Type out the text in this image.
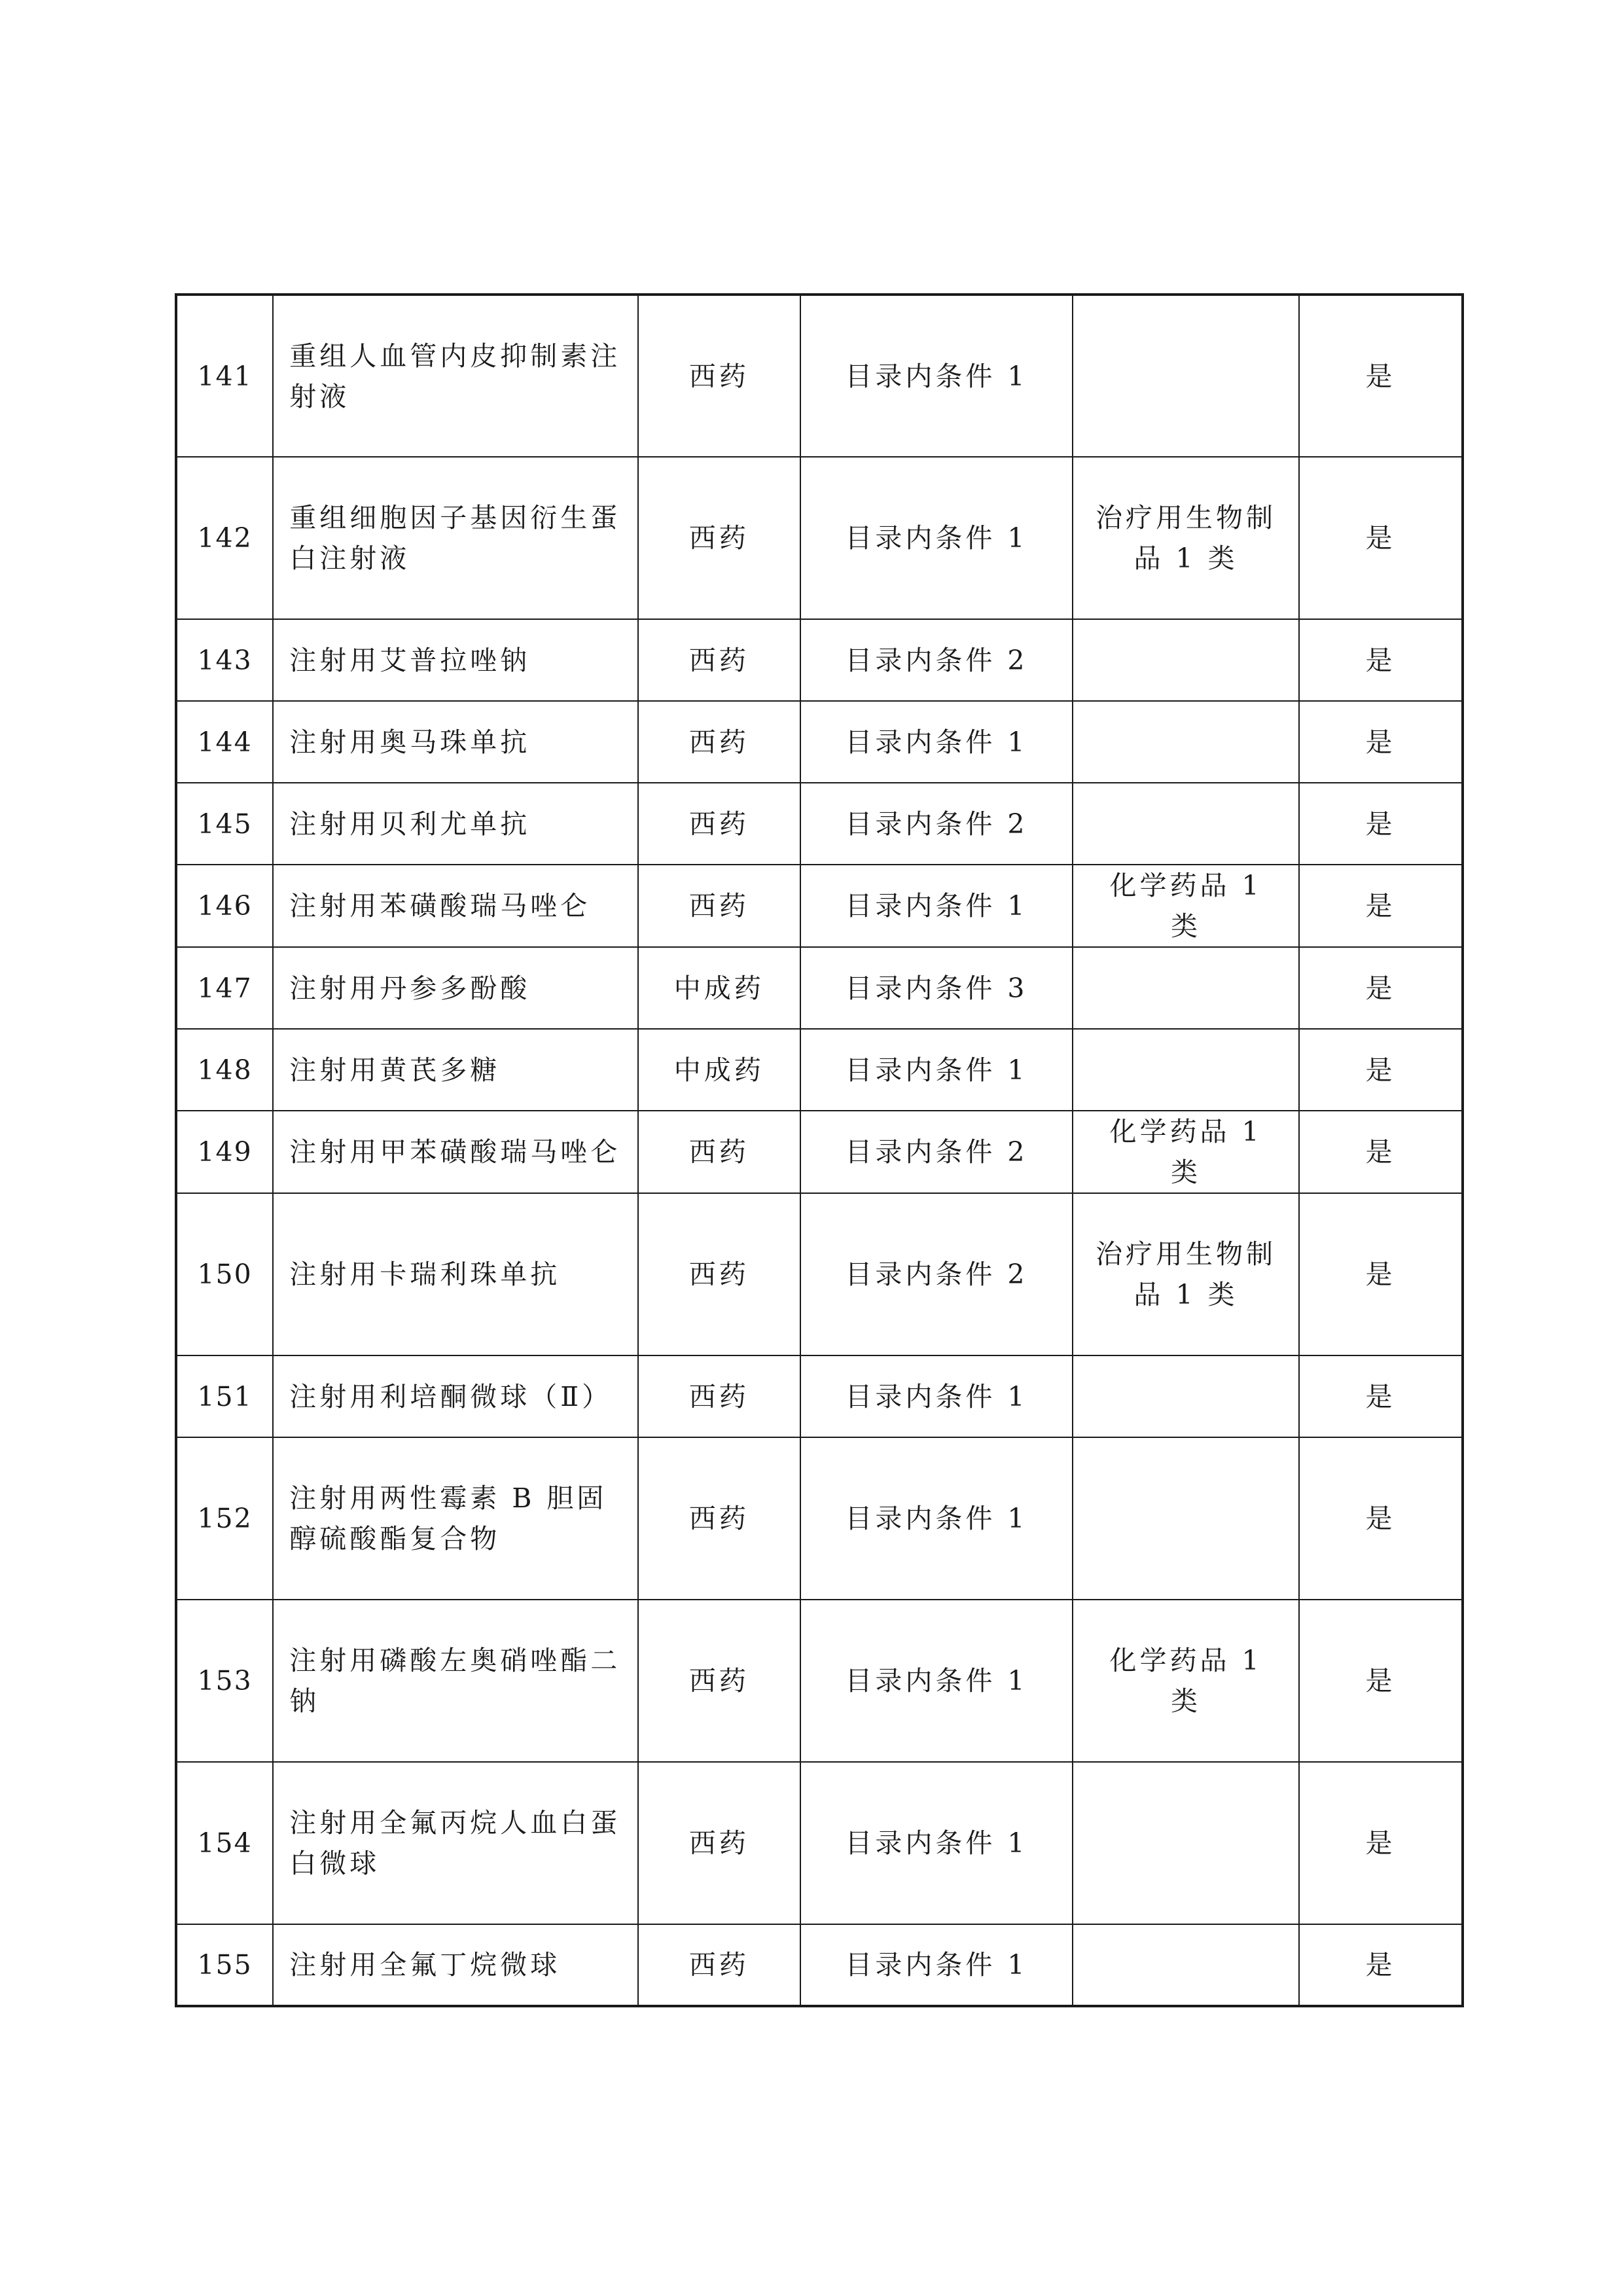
141	重组人血管内皮抑制素注射液	西药	目录内条件 1		是
142	重组细胞因子基因衍生蛋白注射液	西药	目录内条件 1	治疗用生物制品 1 类	是
143	注射用艾普拉唑钠	西药	目录内条件 2		是
144	注射用奥马珠单抗	西药	目录内条件 1		是
145	注射用贝利尤单抗	西药	目录内条件 2		是
146	注射用苯磺酸瑞马唑仑	西药	目录内条件 1	化学药品 1 类	是
147	注射用丹参多酚酸	中成药	目录内条件 3		是
148	注射用黄芪多糖	中成药	目录内条件 1		是
149	注射用甲苯磺酸瑞马唑仑	西药	目录内条件 2	化学药品 1 类	是
150	注射用卡瑞利珠单抗	西药	目录内条件 2	治疗用生物制品 1 类	是
151	注射用利培酮微球（Ⅱ）	西药	目录内条件 1		是
152	注射用两性霉素 B 胆固醇硫酸酯复合物	西药	目录内条件 1		是
153	注射用磷酸左奥硝唑酯二钠	西药	目录内条件 1	化学药品 1 类	是
154	注射用全氟丙烷人血白蛋白微球	西药	目录内条件 1		是
155	注射用全氟丁烷微球	西药	目录内条件 1		是
